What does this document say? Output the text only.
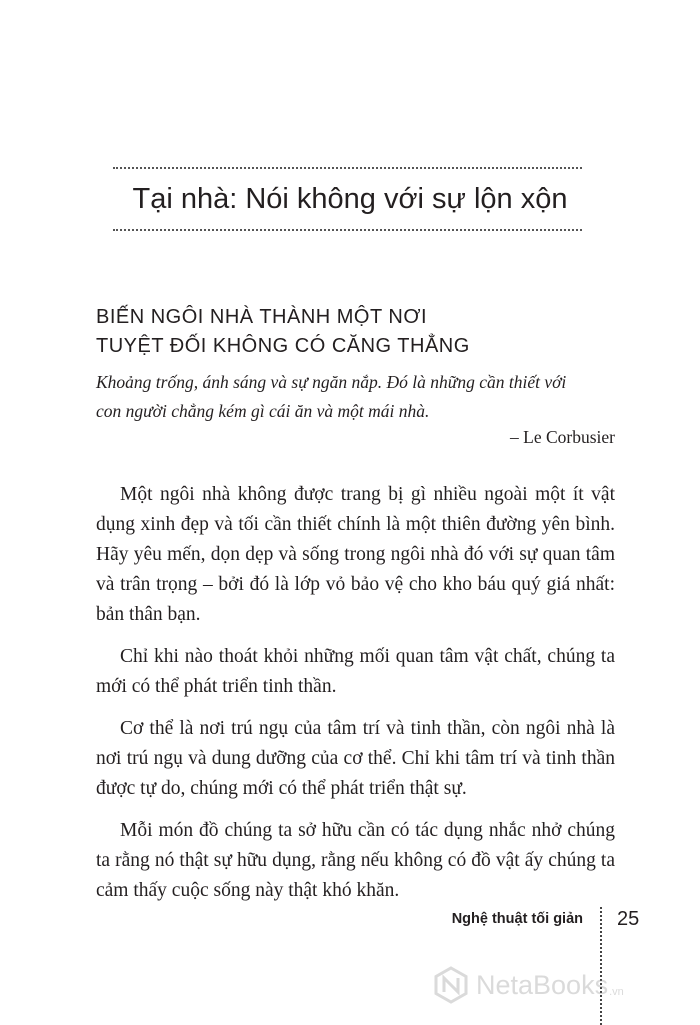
Tại nhà: Nói không với sự lộn xộn
BIẾN NGÔI NHÀ THÀNH MỘT NƠI
TUYỆT ĐỐI KHÔNG CÓ CĂNG THẲNG
Khoảng trống, ánh sáng và sự ngăn nắp. Đó là những cần thiết với
con người chẳng kém gì cái ăn và một mái nhà.
– Le Corbusier

Một ngôi nhà không được trang bị gì nhiều ngoài một ít vật dụng xinh đẹp và tối cần thiết chính là một thiên đường yên bình. Hãy yêu mến, dọn dẹp và sống trong ngôi nhà đó với sự quan tâm và trân trọng – bởi đó là lớp vỏ bảo vệ cho kho báu quý giá nhất: bản thân bạn.

Chỉ khi nào thoát khỏi những mối quan tâm vật chất, chúng ta mới có thể phát triển tinh thần.

Cơ thể là nơi trú ngụ của tâm trí và tinh thần, còn ngôi nhà là nơi trú ngụ và dung dưỡng của cơ thể. Chỉ khi tâm trí và tinh thần được tự do, chúng mới có thể phát triển thật sự.

Mỗi món đồ chúng ta sở hữu cần có tác dụng nhắc nhở chúng ta rằng nó thật sự hữu dụng, rằng nếu không có đồ vật ấy chúng ta cảm thấy cuộc sống này thật khó khăn.

Nghệ thuật tối giản 25
NetaBooks .vn
